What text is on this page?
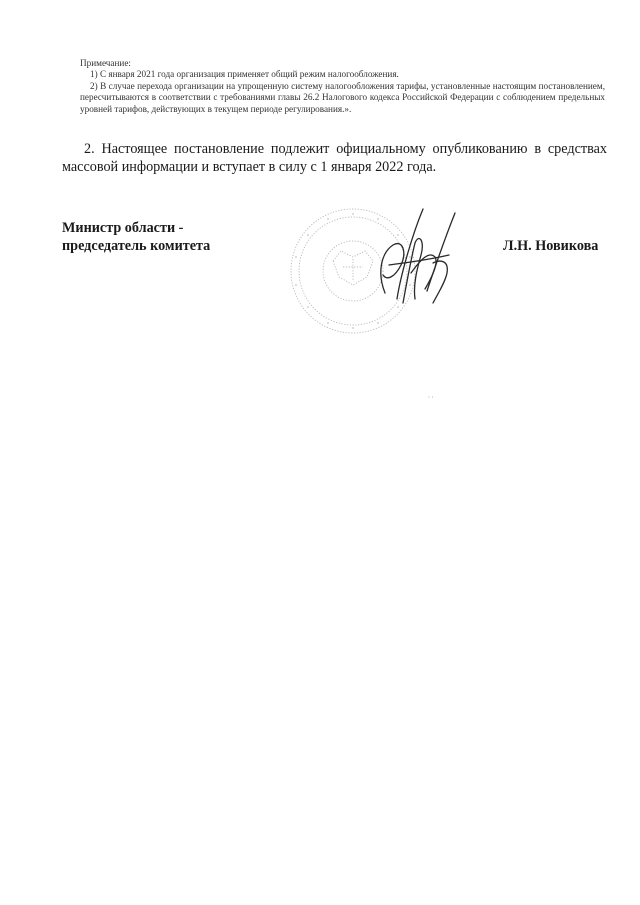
Примечание:

1) С января 2021 года организация применяет общий режим налогообложения.

2) В случае перехода организации на упрощенную систему налогообложения тарифы, установленные настоящим постановлением, пересчитываются в соответствии с требованиями главы 26.2 Налогового кодекса Российской Федерации с соблюдением предельных уровней тарифов, действующих в текущем периоде регулирования.».

2. Настоящее постановление подлежит официальному опубликованию в средствах массовой информации и вступает в силу с 1 января 2022 года.

Министр области -
председатель комитета	Л.Н. Новикова
